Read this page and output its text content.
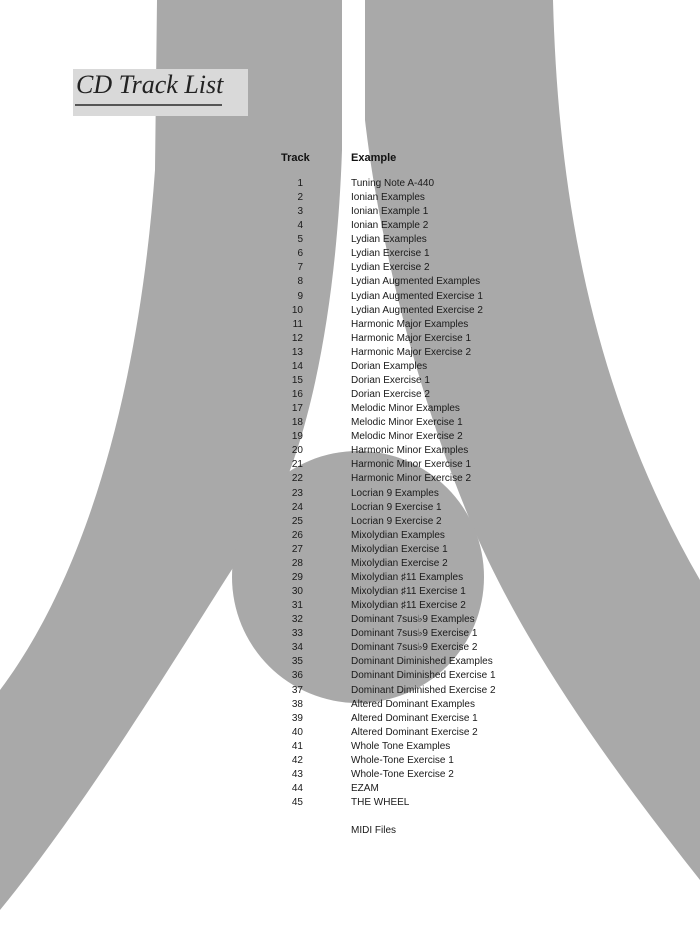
CD Track List
Track	Example
1	Tuning Note A-440
2	Ionian Examples
3	Ionian Example 1
4	Ionian Example 2
5	Lydian Examples
6	Lydian Exercise 1
7	Lydian Exercise 2
8	Lydian Augmented Examples
9	Lydian Augmented Exercise 1
10	Lydian Augmented Exercise 2
11	Harmonic Major Examples
12	Harmonic Major Exercise 1
13	Harmonic Major Exercise 2
14	Dorian Examples
15	Dorian Exercise 1
16	Dorian Exercise 2
17	Melodic Minor Examples
18	Melodic Minor Exercise 1
19	Melodic Minor Exercise 2
20	Harmonic Minor Examples
21	Harmonic Minor Exercise 1
22	Harmonic Minor Exercise 2
23	Locrian 9 Examples
24	Locrian 9 Exercise 1
25	Locrian 9 Exercise 2
26	Mixolydian Examples
27	Mixolydian Exercise 1
28	Mixolydian Exercise 2
29	Mixolydian ♯11 Examples
30	Mixolydian ♯11 Exercise 1
31	Mixolydian ♯11 Exercise 2
32	Dominant 7sus♭9 Examples
33	Dominant 7sus♭9 Exercise 1
34	Dominant 7sus♭9 Exercise 2
35	Dominant Diminished Examples
36	Dominant Diminished Exercise 1
37	Dominant Diminished Exercise 2
38	Altered Dominant Examples
39	Altered Dominant Exercise 1
40	Altered Dominant Exercise 2
41	Whole Tone Examples
42	Whole-Tone Exercise 1
43	Whole-Tone Exercise 2
44	EZAM
45	THE WHEEL
MIDI Files
